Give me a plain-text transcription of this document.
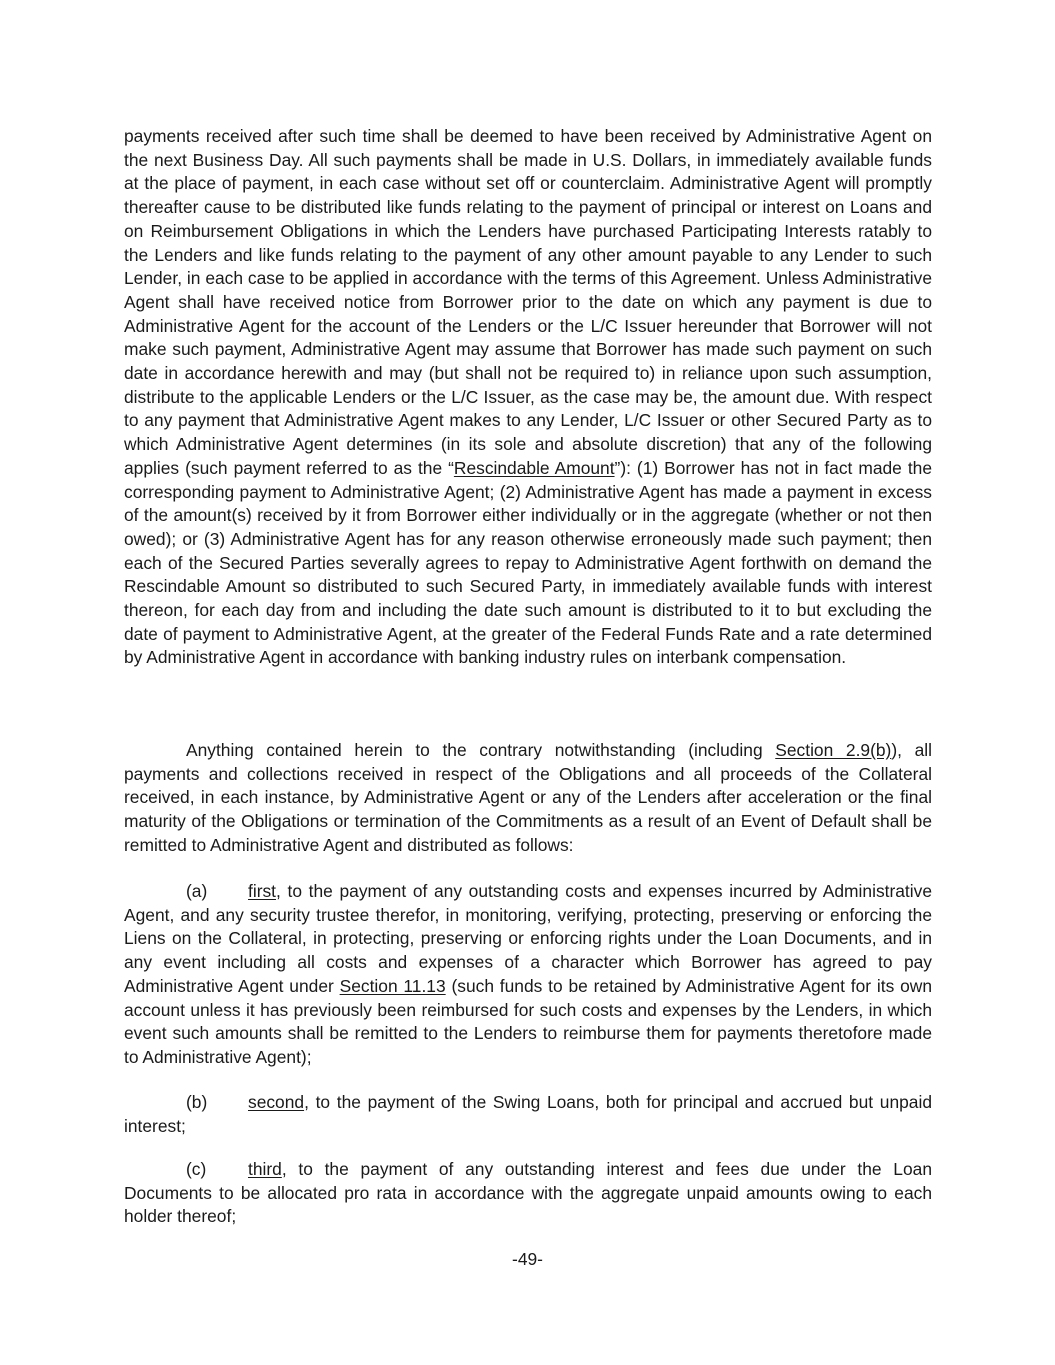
payments received after such time shall be deemed to have been received by Administrative Agent on the next Business Day. All such payments shall be made in U.S. Dollars, in immediately available funds at the place of payment, in each case without set off or counterclaim. Administrative Agent will promptly thereafter cause to be distributed like funds relating to the payment of principal or interest on Loans and on Reimbursement Obligations in which the Lenders have purchased Participating Interests ratably to the Lenders and like funds relating to the payment of any other amount payable to any Lender to such Lender, in each case to be applied in accordance with the terms of this Agreement. Unless Administrative Agent shall have received notice from Borrower prior to the date on which any payment is due to Administrative Agent for the account of the Lenders or the L/C Issuer hereunder that Borrower will not make such payment, Administrative Agent may assume that Borrower has made such payment on such date in accordance herewith and may (but shall not be required to) in reliance upon such assumption, distribute to the applicable Lenders or the L/C Issuer, as the case may be, the amount due. With respect to any payment that Administrative Agent makes to any Lender, L/C Issuer or other Secured Party as to which Administrative Agent determines (in its sole and absolute discretion) that any of the following applies (such payment referred to as the “Rescindable Amount”): (1) Borrower has not in fact made the corresponding payment to Administrative Agent; (2) Administrative Agent has made a payment in excess of the amount(s) received by it from Borrower either individually or in the aggregate (whether or not then owed); or (3) Administrative Agent has for any reason otherwise erroneously made such payment; then each of the Secured Parties severally agrees to repay to Administrative Agent forthwith on demand the Rescindable Amount so distributed to such Secured Party, in immediately available funds with interest thereon, for each day from and including the date such amount is distributed to it to but excluding the date of payment to Administrative Agent, at the greater of the Federal Funds Rate and a rate determined by Administrative Agent in accordance with banking industry rules on interbank compensation.

Anything contained herein to the contrary notwithstanding (including Section 2.9(b)), all payments and collections received in respect of the Obligations and all proceeds of the Collateral received, in each instance, by Administrative Agent or any of the Lenders after acceleration or the final maturity of the Obligations or termination of the Commitments as a result of an Event of Default shall be remitted to Administrative Agent and distributed as follows:

(a) first, to the payment of any outstanding costs and expenses incurred by Administrative Agent, and any security trustee therefor, in monitoring, verifying, protecting, preserving or enforcing the Liens on the Collateral, in protecting, preserving or enforcing rights under the Loan Documents, and in any event including all costs and expenses of a character which Borrower has agreed to pay Administrative Agent under Section 11.13 (such funds to be retained by Administrative Agent for its own account unless it has previously been reimbursed for such costs and expenses by the Lenders, in which event such amounts shall be remitted to the Lenders to reimburse them for payments theretofore made to Administrative Agent);

(b) second, to the payment of the Swing Loans, both for principal and accrued but unpaid interest;

(c) third, to the payment of any outstanding interest and fees due under the Loan Documents to be allocated pro rata in accordance with the aggregate unpaid amounts owing to each holder thereof;

-49-
